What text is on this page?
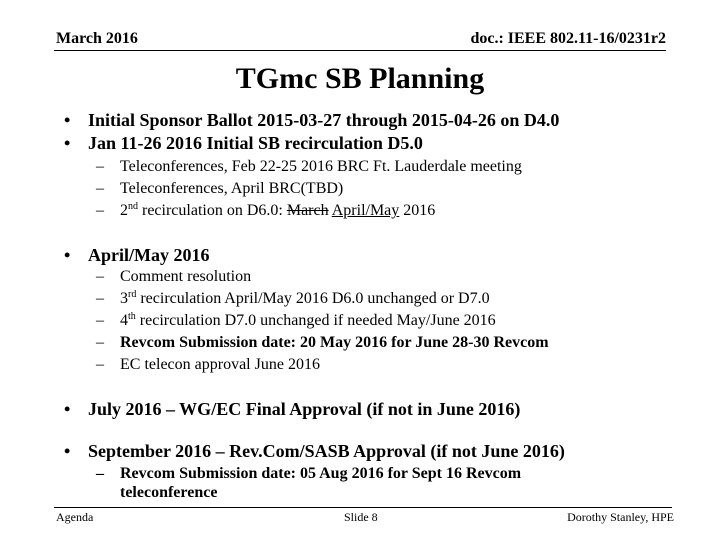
March 2016	doc.: IEEE 802.11-16/0231r2
TGmc SB Planning
• Initial Sponsor Ballot 2015-03-27 through 2015-04-26 on D4.0
• Jan 11-26 2016 Initial SB recirculation D5.0
– Teleconferences, Feb 22-25 2016 BRC Ft. Lauderdale meeting
– Teleconferences, April BRC(TBD)
– 2nd recirculation on D6.0: March April/May 2016
• April/May 2016
– Comment resolution
– 3rd recirculation April/May 2016 D6.0 unchanged or D7.0
– 4th recirculation D7.0 unchanged if needed May/June 2016
– Revcom Submission date: 20 May 2016 for June 28-30 Revcom
– EC telecon approval June 2016
• July 2016 – WG/EC Final Approval (if not in June 2016)
• September 2016 – Rev.Com/SASB Approval (if not June 2016)
– Revcom Submission date: 05 Aug 2016 for Sept 16 Revcom
teleconference
Agenda	Slide 8	Dorothy Stanley, HPE
